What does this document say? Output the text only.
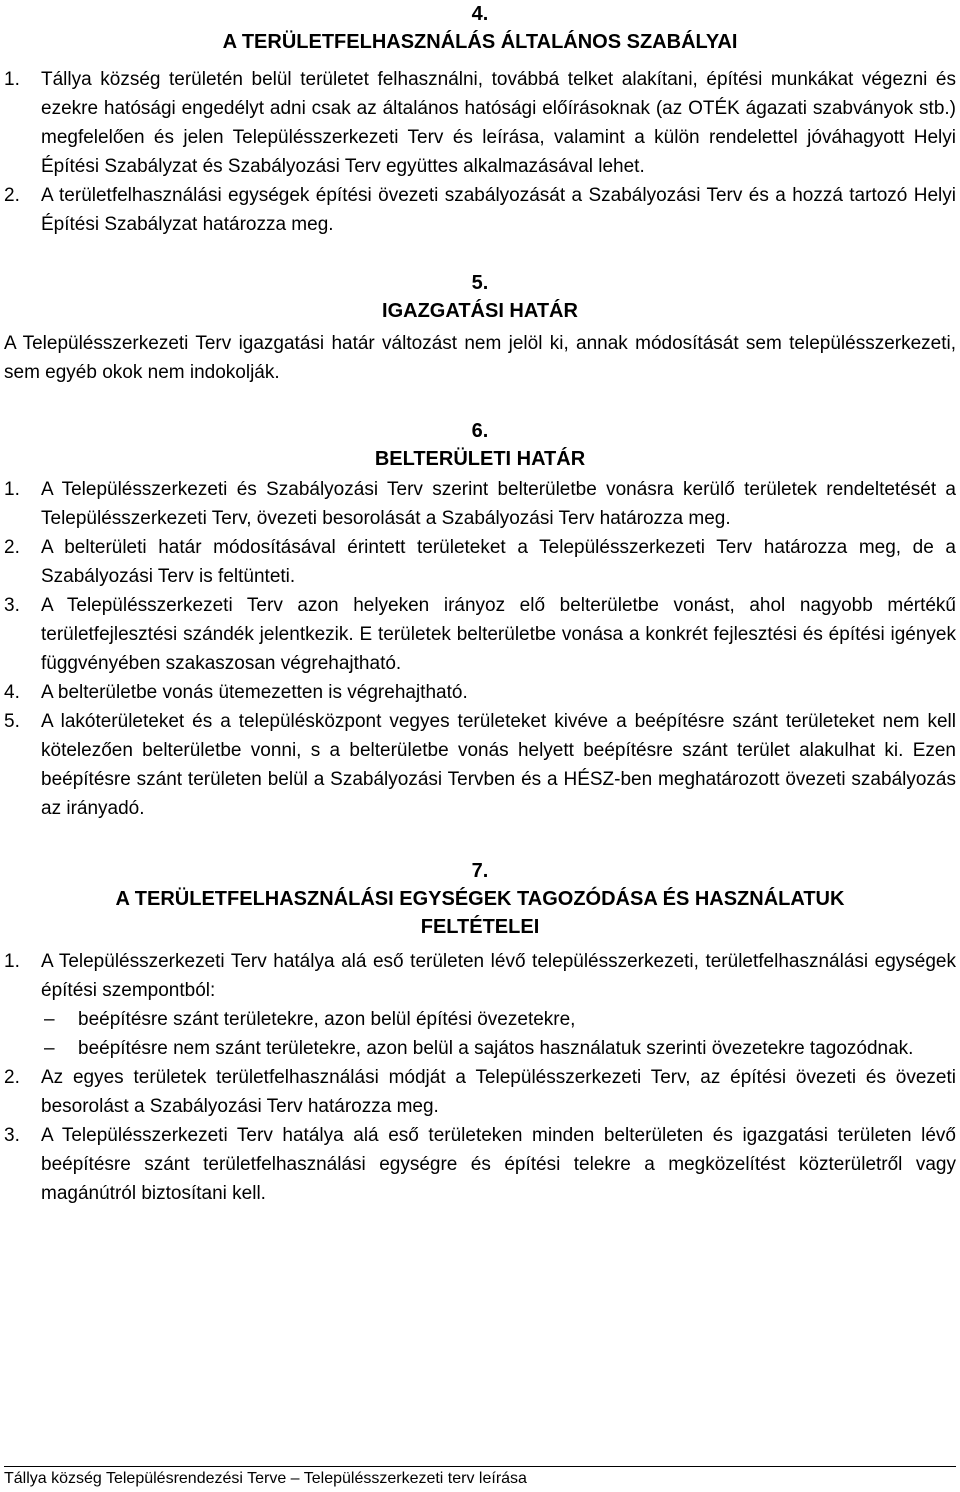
4.
A TERÜLETFELHASZNÁLÁS ÁLTALÁNOS SZABÁLYAI
1. Tállya község területén belül területet felhasználni, továbbá telket alakítani, építési munkákat végezni és ezekre hatósági engedélyt adni csak az általános hatósági előírásoknak (az OTÉK ágazati szabványok stb.) megfelelően és jelen Településszerkezeti Terv és leírása, valamint a külön rendelettel jóváhagyott Helyi Építési Szabályzat és Szabályozási Terv együttes alkalmazásával lehet.
2. A területfelhasználási egységek építési övezeti szabályozását a Szabályozási Terv és a hozzá tartozó Helyi Építési Szabályzat határozza meg.
5.
IGAZGATÁSI HATÁR
A Településszerkezeti Terv igazgatási határ változást nem jelöl ki, annak módosítását sem településszerkezeti, sem egyéb okok nem indokolják.
6.
BELTERÜLETI HATÁR
1. A Településszerkezeti és Szabályozási Terv szerint belterületbe vonásra kerülő területek rendeltetését a Településszerkezeti Terv, övezeti besorolását a Szabályozási Terv határozza meg.
2. A belterületi határ módosításával érintett területeket a Településszerkezeti Terv határozza meg, de a Szabályozási Terv is feltünteti.
3. A Településszerkezeti Terv azon helyeken irányoz elő belterületbe vonást, ahol nagyobb mértékű területfejlesztési szándék jelentkezik. E területek belterületbe vonása a konkrét fejlesztési és építési igények függvényében szakaszosan végrehajtható.
4. A belterületbe vonás ütemezetten is végrehajtható.
5. A lakóterületeket és a településközpont vegyes területeket kivéve a beépítésre szánt területeket nem kell kötelezően belterületbe vonni, s a belterületbe vonás helyett beépítésre szánt terület alakulhat ki. Ezen beépítésre szánt területen belül a Szabályozási Tervben és a HÉSZ-ben meghatározott övezeti szabályozás az irányadó.
7.
A TERÜLETFELHASZNÁLÁSI EGYSÉGEK TAGOZÓDÁSA ÉS HASZNÁLATUK
FELTÉTELEI
1. A Településszerkezeti Terv hatálya alá eső területen lévő településszerkezeti, területfelhasználási egységek építési szempontból:
– beépítésre szánt területekre, azon belül építési övezetekre,
– beépítésre nem szánt területekre, azon belül a sajátos használatuk szerinti övezetekre tagozódnak.
2. Az egyes területek területfelhasználási módját a Településszerkezeti Terv, az építési övezeti és övezeti besorolást a Szabályozási Terv határozza meg.
3. A Településszerkezeti Terv hatálya alá eső területeken minden belterületen és igazgatási területen lévő beépítésre szánt területfelhasználási egységre és építési telekre a megközelítést közterületről vagy magánútról biztosítani kell.
Tállya község Településrendezési Terve – Településszerkezeti terv leírása
